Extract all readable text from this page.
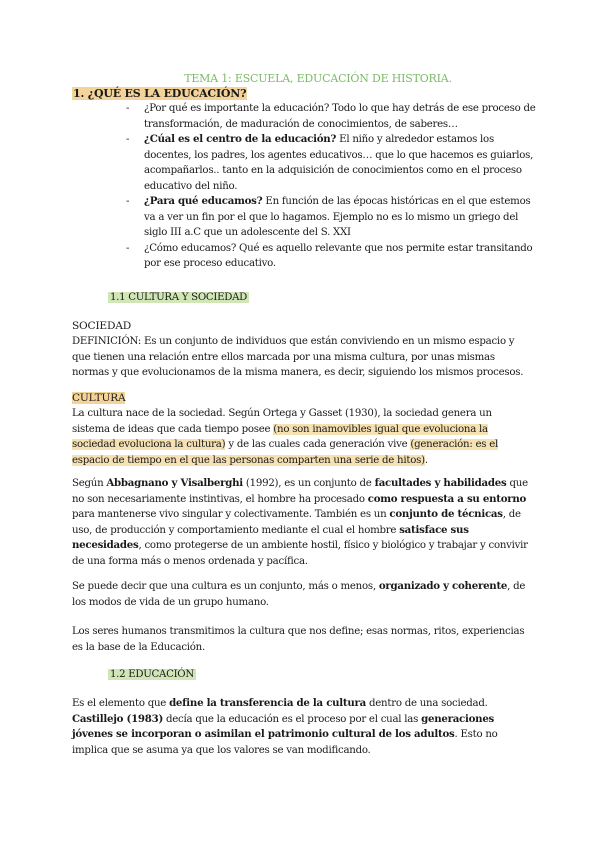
TEMA 1: ESCUELA, EDUCACIÓN DE HISTORIA.
1. ¿QUÉ ES LA EDUCACIÓN?
- ¿Por qué es importante la educación? Todo lo que hay detrás de ese proceso de transformación, de maduración de conocimientos, de saberes…
- ¿Cúal es el centro de la educación? El niño y alrededor estamos los docentes, los padres, los agentes educativos… que lo que hacemos es guiarlos, acompañarlos.. tanto en la adquisición de conocimientos como en el proceso educativo del niño.
- ¿Para qué educamos? En función de las épocas históricas en el que estemos va a ver un fin por el que lo hagamos. Ejemplo no es lo mismo un griego del siglo III a.C que un adolescente del S. XXI
- ¿Cómo educamos? Qué es aquello relevante que nos permite estar transitando por ese proceso educativo.
1.1 CULTURA Y SOCIEDAD
SOCIEDAD
DEFINICIÓN: Es un conjunto de individuos que están conviviendo en un mismo espacio y que tienen una relación entre ellos marcada por una misma cultura, por unas mismas normas y que evolucionamos de la misma manera, es decir, siguiendo los mismos procesos.
CULTURA
La cultura nace de la sociedad. Según Ortega y Gasset (1930), la sociedad genera un sistema de ideas que cada tiempo posee (no son inamovibles igual que evoluciona la sociedad evoluciona la cultura) y de las cuales cada generación vive (generación: es el espacio de tiempo en el que las personas comparten una serie de hitos).
Según Abbagnano y Visalberghi (1992), es un conjunto de facultades y habilidades que no son necesariamente instintivas, el hombre ha procesado como respuesta a su entorno para mantenerse vivo singular y colectivamente. También es un conjunto de técnicas, de uso, de producción y comportamiento mediante el cual el hombre satisface sus necesidades, como protegerse de un ambiente hostil, físico y biológico y trabajar y convivir de una forma más o menos ordenada y pacífica.
Se puede decir que una cultura es un conjunto, más o menos, organizado y coherente, de los modos de vida de un grupo humano.
Los seres humanos transmitimos la cultura que nos define; esas normas, ritos, experiencias es la base de la Educación.
1.2 EDUCACIÓN
Es el elemento que define la transferencia de la cultura dentro de una sociedad. Castillejo (1983) decía que la educación es el proceso por el cual las generaciones jóvenes se incorporan o asimilan el patrimonio cultural de los adultos. Esto no implica que se asuma ya que los valores se van modificando.
